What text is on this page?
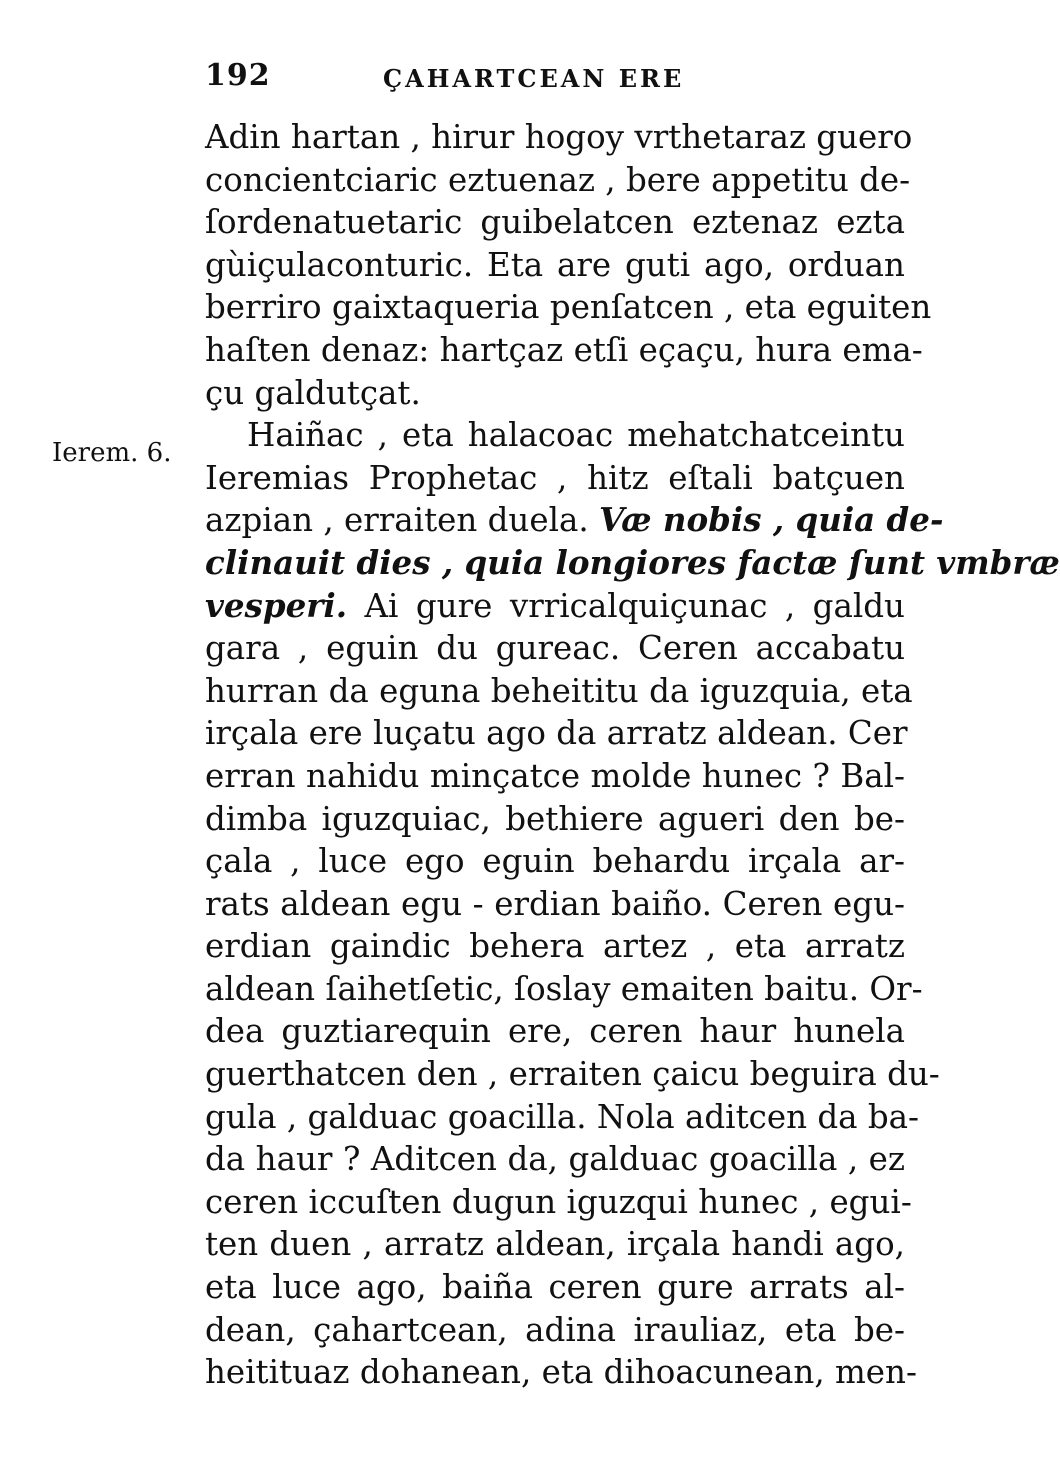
192	ÇAHARTCEAN ERE
Ierem. 6.
Adin hartan , hirur hogoy vrthetaraz guero
concientciaric eztuenaz , bere appetitu de-
ſordenatuetaric guibelatcen eztenaz ezta
gùiçulaconturic. Eta are guti ago, orduan
berriro gaixtaqueria penſatcen , eta eguiten
haſten denaz: hartçaz etſi eçaçu, hura ema-
çu galdutçat.
Haiñac , eta halacoac mehatchatceintu
Ieremias Prophetac , hitz eſtali batçuen
azpian , erraiten duela. Væ nobis , quia de-
clinauit dies , quia longiores factæ ſunt vmbræ
vesperi. Ai gure vrricalquiçunac , galdu
gara , eguin du gureac. Ceren accabatu
hurran da eguna beheititu da iguzquia, eta
irçala ere luçatu ago da arratz aldean. Cer
erran nahidu minçatce molde hunec ? Bal-
dimba iguzquiac, bethiere agueri den be-
çala , luce ego eguin behardu irçala ar-
rats aldean egu - erdian baiño. Ceren egu-
erdian gaindic behera artez , eta arratz
aldean ſaihetſetic, ſoslay emaiten baitu. Or-
dea guztiarequin ere, ceren haur hunela
guerthatcen den , erraiten çaicu beguira du-
gula , galduac goacilla. Nola aditcen da ba-
da haur ? Aditcen da, galduac goacilla , ez
ceren iccuſten dugun iguzqui hunec , egui-
ten duen , arratz aldean, irçala handi ago,
eta luce ago, baiña ceren gure arrats al-
dean, çahartcean, adina irauliaz, eta be-
heitituaz dohanean, eta dihoacunean, men-
